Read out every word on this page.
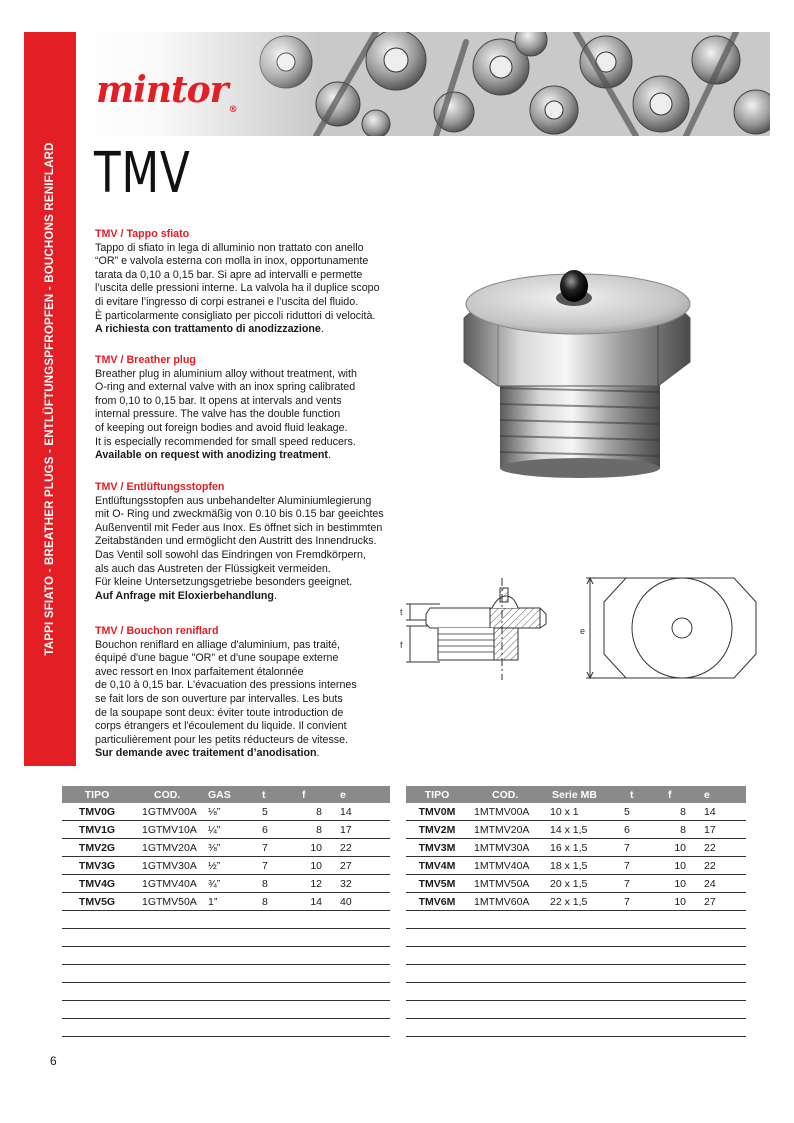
TAPPI SFIATO - BREATHER PLUGS - ENTLÜFTUNGSPFROPFEN - BOUCHONS RENIFLARD
mintor®
TMV
TMV / Tappo sfiato

Tappo di sfiato in lega di alluminio non trattato con anello
“OR” e valvola esterna con molla in inox, opportunamente
tarata da 0,10 a 0,15 bar. Si apre ad intervalli e permette
l’uscita delle pressioni interne. La valvola ha il duplice scopo
di evitare l’ingresso di corpi estranei e l’uscita del fluido.
È particolarmente consigliato per piccoli riduttori di velocità.

A richiesta con trattamento di anodizzazione.

TMV / Breather plug

Breather plug in aluminium alloy without treatment, with
O-ring and external valve with an inox spring calibrated
from 0,10 to 0,15 bar. It opens at intervals and vents
internal pressure. The valve has the double function
of keeping out foreign bodies and avoid fluid leakage.
It is especially recommended for small speed reducers.

Available on request with anodizing treatment.

TMV / Entlüftungsstopfen

Entlüftungsstopfen aus unbehandelter Aluminiumlegierung
mit O- Ring und zweckmäßig von 0.10 bis 0.15 bar geeichtes
Außenventil mit Feder aus Inox. Es öffnet sich in bestimmten
Zeitabständen und ermöglicht den Austritt des Innendrucks.
Das Ventil soll sowohl das Eindringen von Fremdkörpern,
als auch das Austreten der Flüssigkeit vermeiden.
Für kleine Untersetzungsgetriebe besonders geeignet.

Auf Anfrage mit Eloxierbehandlung.

TMV / Bouchon reniflard

Bouchon reniflard en alliage d'aluminium, pas traité,
équipé d'une bague "OR" et d'une soupape externe
avec ressort en Inox parfaitement étalonnée
de 0,10 à 0,15 bar. L'évacuation des pressions internes
se fait lors de son ouverture par intervalles. Les buts
de la soupape sont deux: éviter toute introduction de
corps étrangers et l'écoulement du liquide. Il convient
particulièrement pour les petits réducteurs de vitesse.

Sur demande avec traitement d’anodisation.

t
f
e
TIPO	COD.	GAS	t	f	e
TMV0G	1GTMV00A	⅛”	5	8	14
TMV1G	1GTMV10A	¼”	6	8	17
TMV2G	1GTMV20A	⅜”	7	10	22
TMV3G	1GTMV30A	½”	7	10	27
TMV4G	1GTMV40A	¾”	8	12	32
TMV5G	1GTMV50A	1”	8	14	40

TIPO	COD.	Serie MB	t	f	e
TMV0M	1MTMV00A	10 x 1	5	8	14
TMV2M	1MTMV20A	14 x 1,5	6	8	17
TMV3M	1MTMV30A	16 x 1,5	7	10	22
TMV4M	1MTMV40A	18 x 1,5	7	10	22
TMV5M	1MTMV50A	20 x 1,5	7	10	24
TMV6M	1MTMV60A	22 x 1,5	7	10	27

6
